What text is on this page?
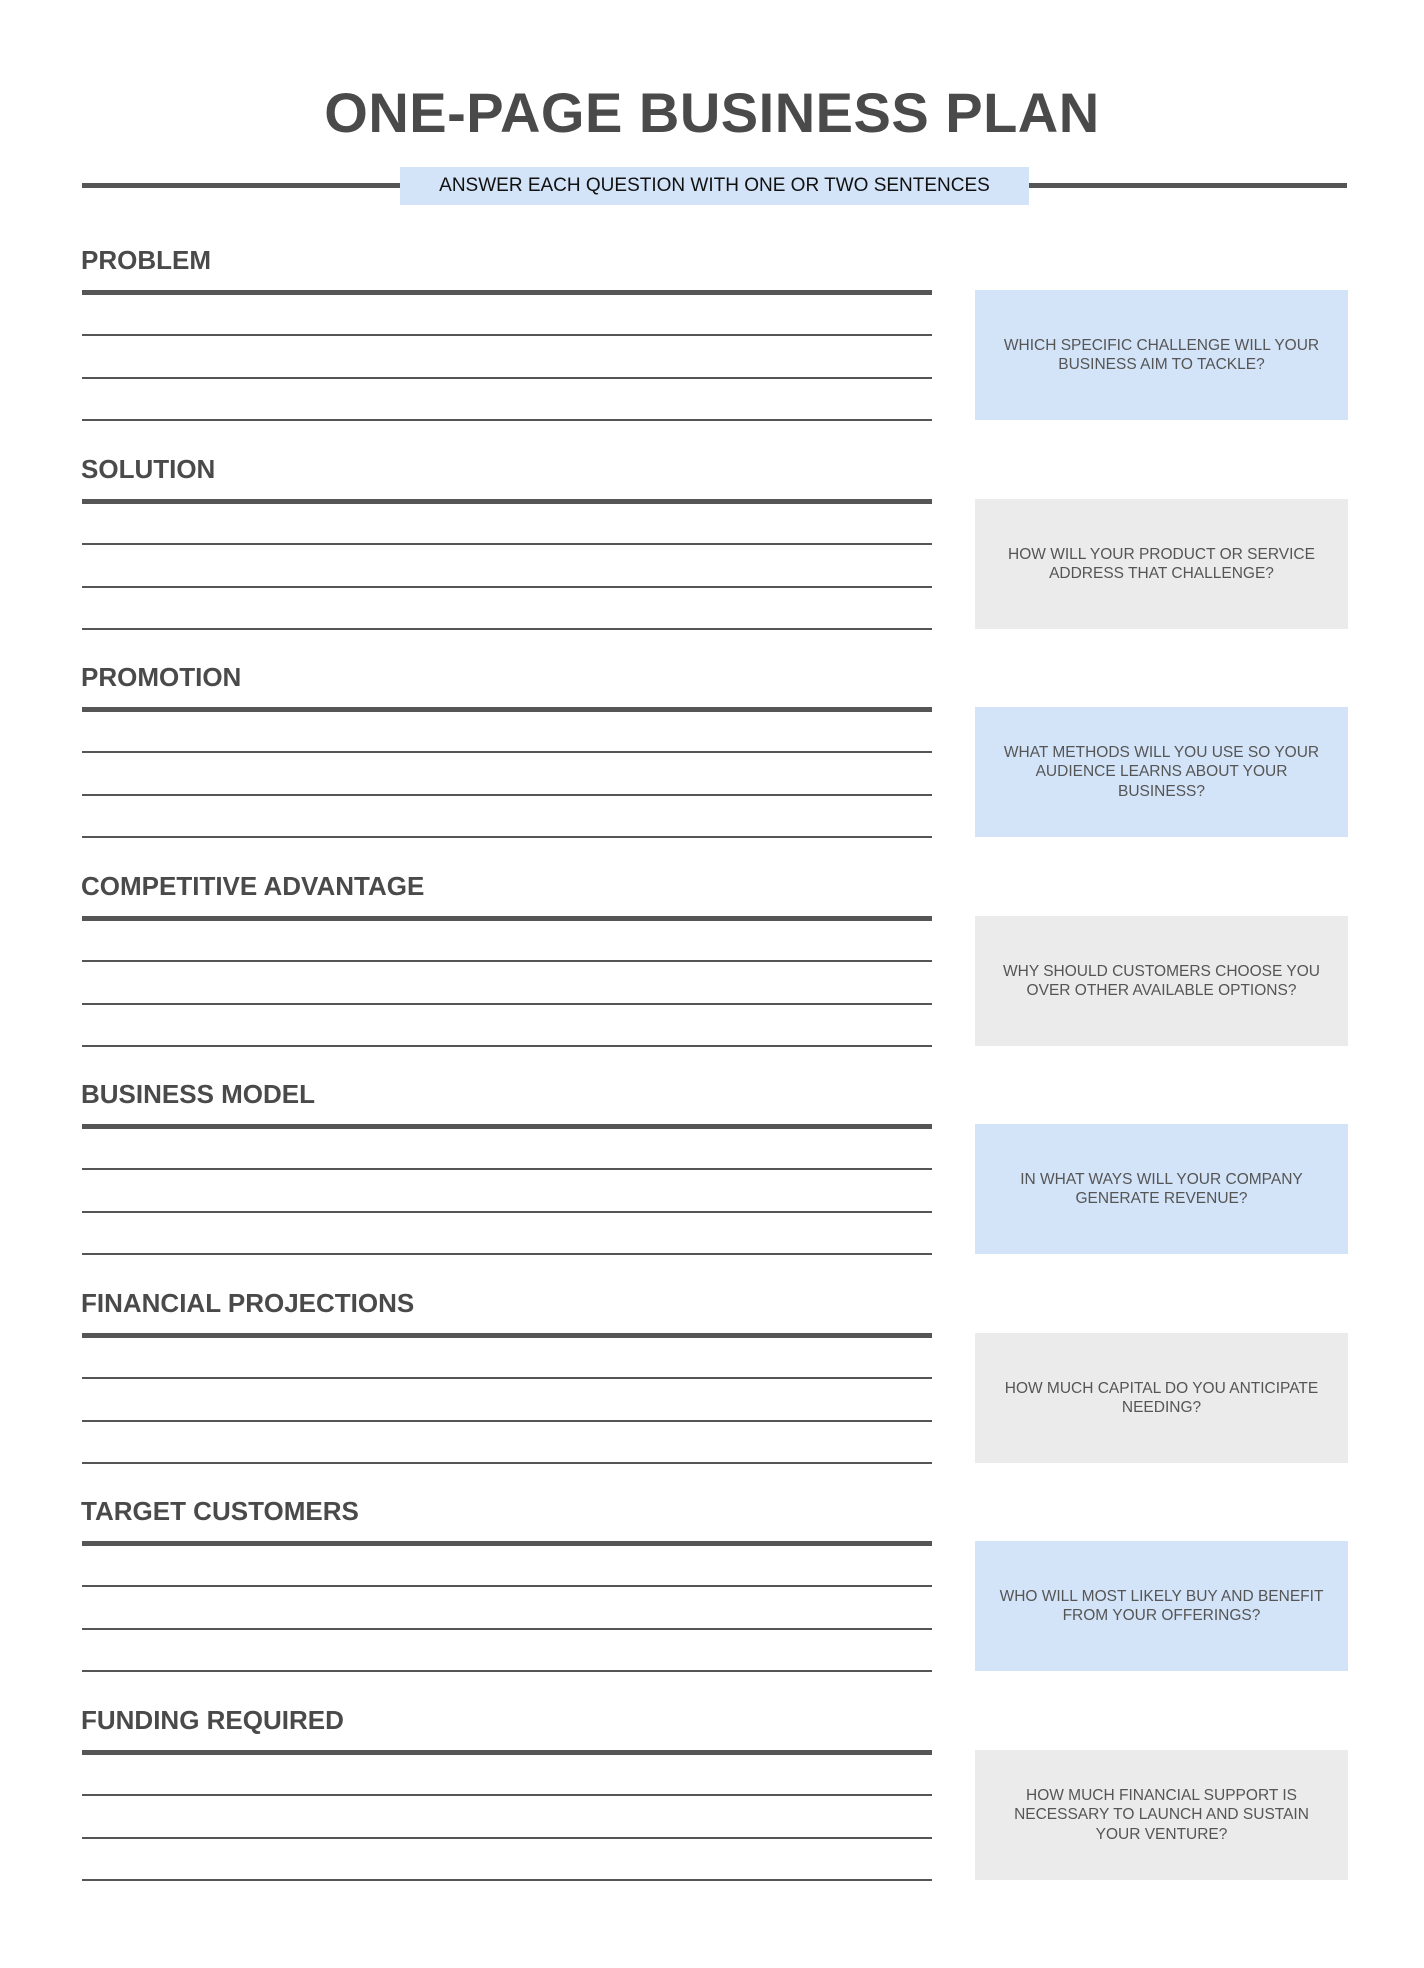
ONE-PAGE BUSINESS PLAN
ANSWER EACH QUESTION WITH ONE OR TWO SENTENCES
PROBLEM
WHICH SPECIFIC CHALLENGE WILL YOUR BUSINESS AIM TO TACKLE?
SOLUTION
HOW WILL YOUR PRODUCT OR SERVICE ADDRESS THAT CHALLENGE?
PROMOTION
WHAT METHODS WILL YOU USE SO YOUR AUDIENCE LEARNS ABOUT YOUR BUSINESS?
COMPETITIVE ADVANTAGE
WHY SHOULD CUSTOMERS CHOOSE YOU OVER OTHER AVAILABLE OPTIONS?
BUSINESS MODEL
IN WHAT WAYS WILL YOUR COMPANY GENERATE REVENUE?
FINANCIAL PROJECTIONS
HOW MUCH CAPITAL DO YOU ANTICIPATE NEEDING?
TARGET CUSTOMERS
WHO WILL MOST LIKELY BUY AND BENEFIT FROM YOUR OFFERINGS?
FUNDING REQUIRED
HOW MUCH FINANCIAL SUPPORT IS NECESSARY TO LAUNCH AND SUSTAIN YOUR VENTURE?
